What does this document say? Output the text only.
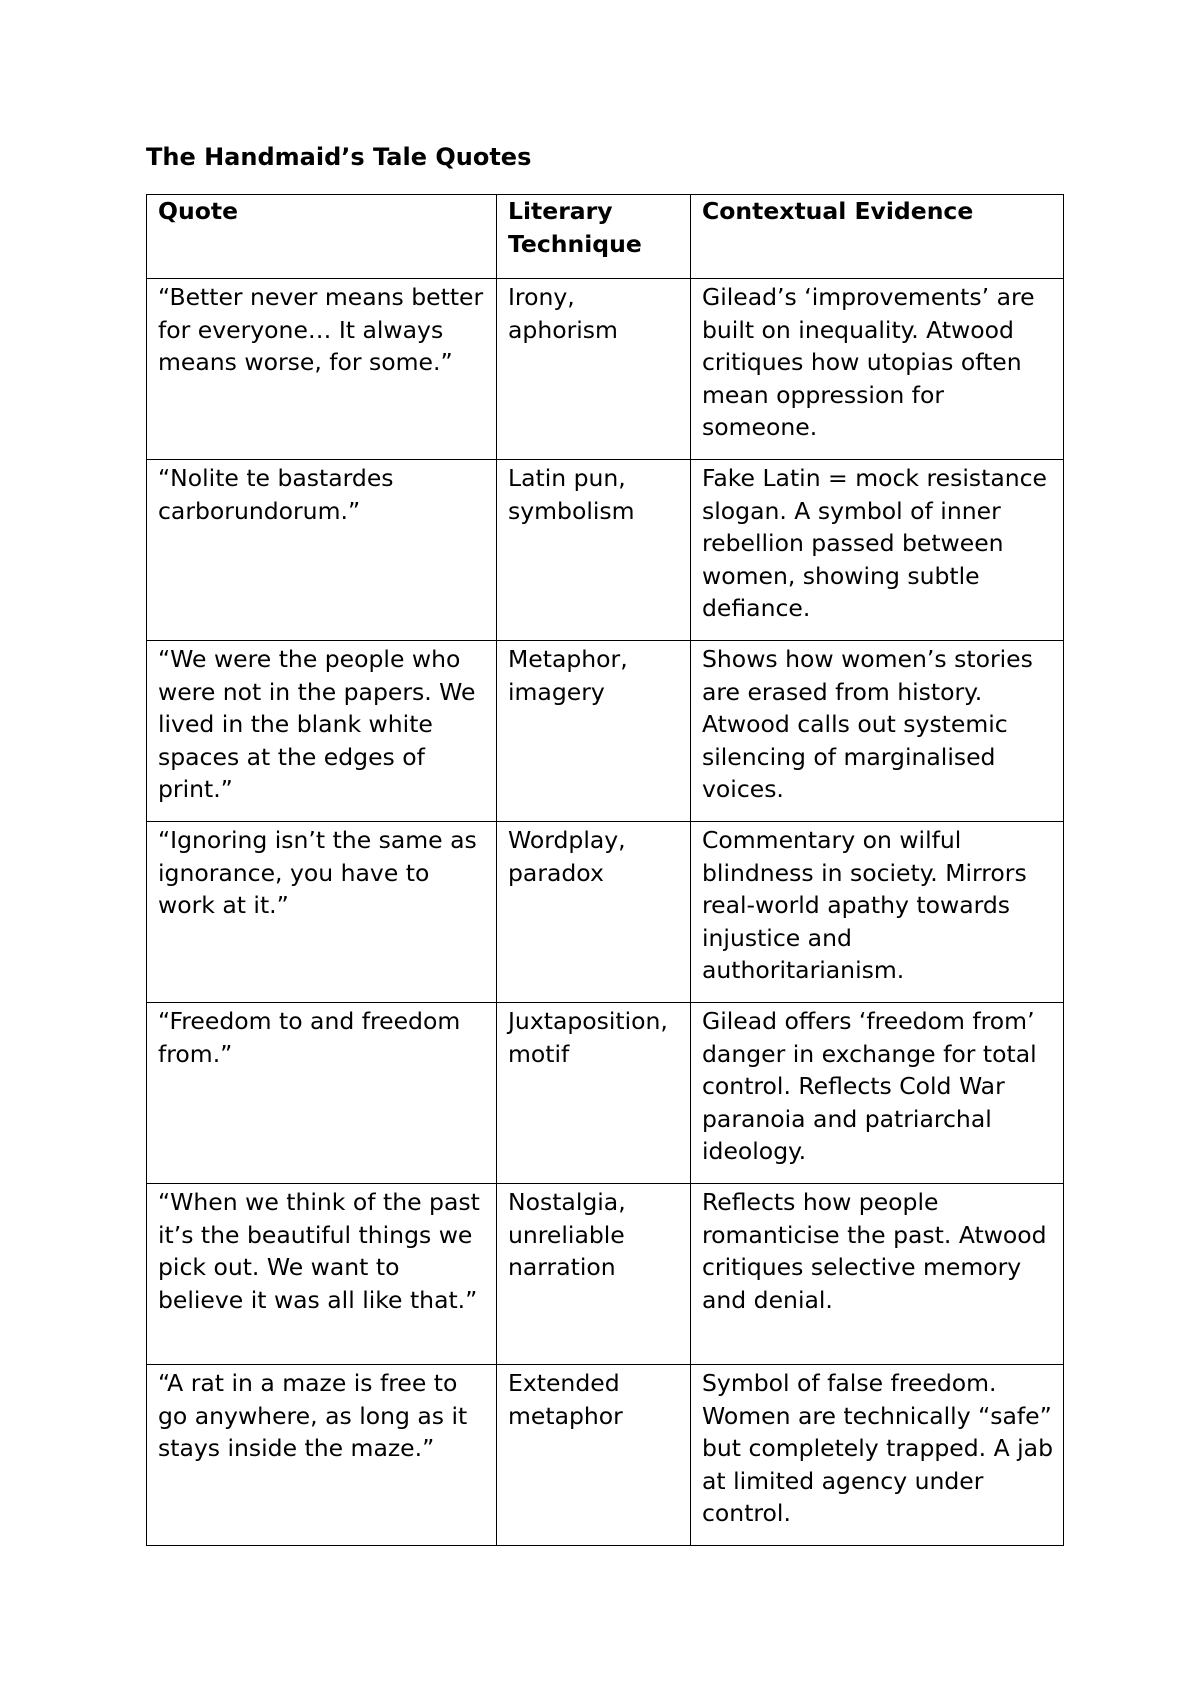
The Handmaid’s Tale Quotes
Quote	Literary Technique	Contextual Evidence
“Better never means better for everyone… It always means worse, for some.”	Irony, aphorism	Gilead’s ‘improvements’ are built on inequality. Atwood critiques how utopias often mean oppression for someone.
“Nolite te bastardes carborundorum.”	Latin pun, symbolism	Fake Latin = mock resistance slogan. A symbol of inner rebellion passed between women, showing subtle defiance.
“We were the people who were not in the papers. We lived in the blank white spaces at the edges of print.”	Metaphor, imagery	Shows how women’s stories are erased from history. Atwood calls out systemic silencing of marginalised voices.
“Ignoring isn’t the same as ignorance, you have to work at it.”	Wordplay, paradox	Commentary on wilful blindness in society. Mirrors real-world apathy towards injustice and authoritarianism.
“Freedom to and freedom from.”	Juxtaposition, motif	Gilead offers ‘freedom from’ danger in exchange for total control. Reflects Cold War paranoia and patriarchal ideology.
“When we think of the past it’s the beautiful things we pick out. We want to believe it was all like that.”	Nostalgia, unreliable narration	Reflects how people romanticise the past. Atwood critiques selective memory and denial.
“A rat in a maze is free to go anywhere, as long as it stays inside the maze.”	Extended metaphor	Symbol of false freedom. Women are technically “safe” but completely trapped. A jab at limited agency under control.
